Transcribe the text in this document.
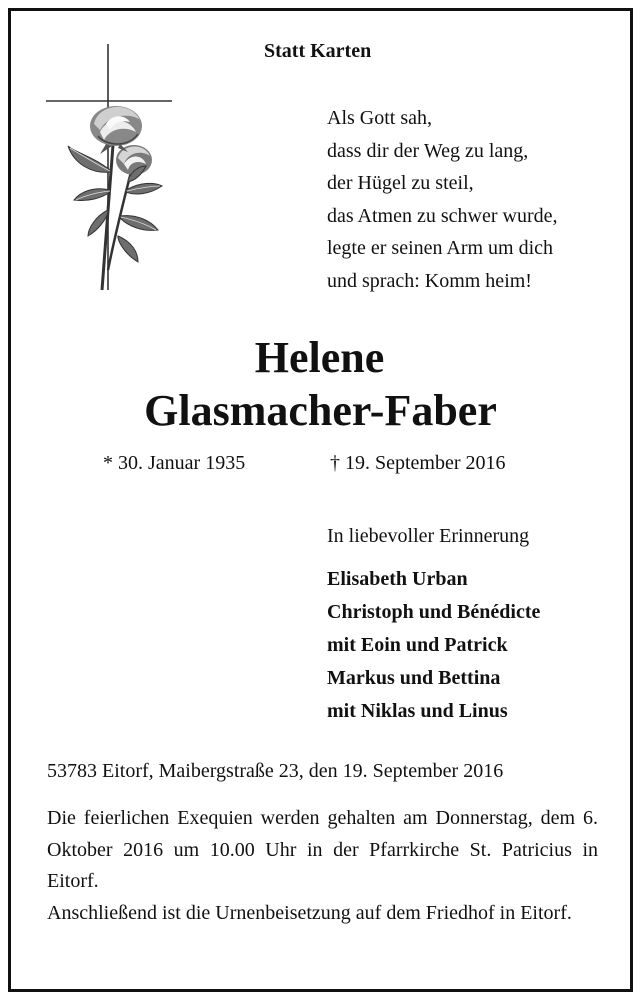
Statt Karten
Als Gott sah,
dass dir der Weg zu lang,
der Hügel zu steil,
das Atmen zu schwer wurde,
legte er seinen Arm um dich
und sprach: Komm heim!
Helene
Glasmacher-Faber
* 30. Januar 1935	† 19. September 2016
In liebevoller Erinnerung
Elisabeth Urban
Christoph und Bénédicte
mit Eoin und Patrick
Markus und Bettina
mit Niklas und Linus
53783 Eitorf, Maibergstraße 23, den 19. September 2016

Die feierlichen Exequien werden gehalten am Donnerstag, dem 6. Oktober 2016 um 10.00 Uhr in der Pfarrkirche St. Patricius in Eitorf.

Anschließend ist die Urnenbeisetzung auf dem Friedhof in Eitorf.
